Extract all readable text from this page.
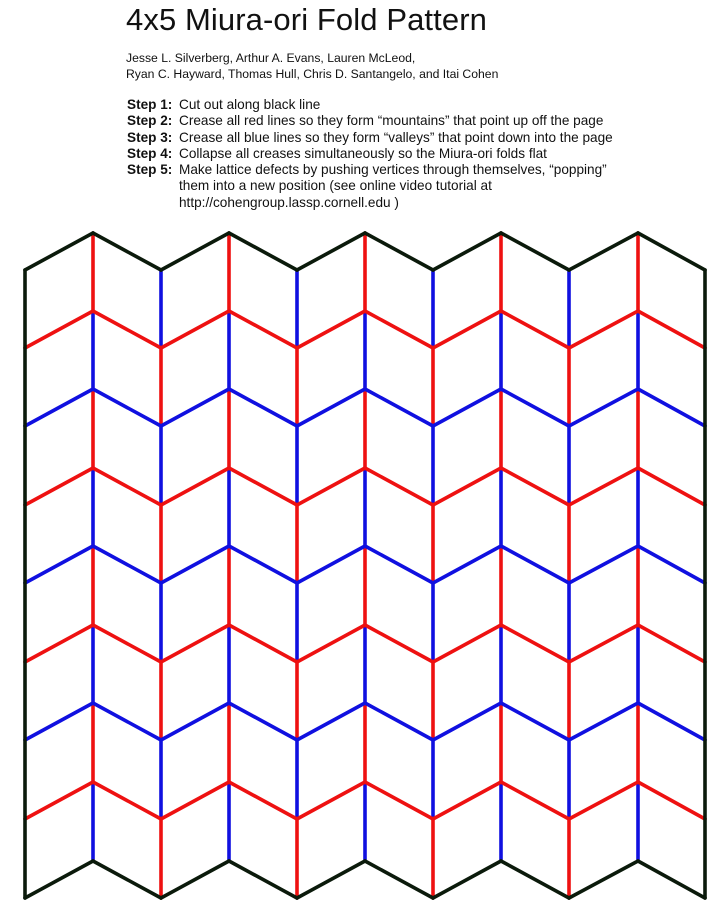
4x5 Miura-ori Fold Pattern
Jesse L. Silverberg, Arthur A. Evans, Lauren McLeod,
Ryan C. Hayward, Thomas Hull, Chris D. Santangelo, and Itai Cohen
Step 1: Cut out along black line
Step 2: Crease all red lines so they form “mountains” that point up off the page
Step 3: Crease all blue lines so they form “valleys” that point down into the page
Step 4: Collapse all creases simultaneously so the Miura-ori folds flat
Step 5: Make lattice defects by pushing vertices through themselves, “popping”
them into a new position (see online video tutorial at
http://cohengroup.lassp.cornell.edu )
